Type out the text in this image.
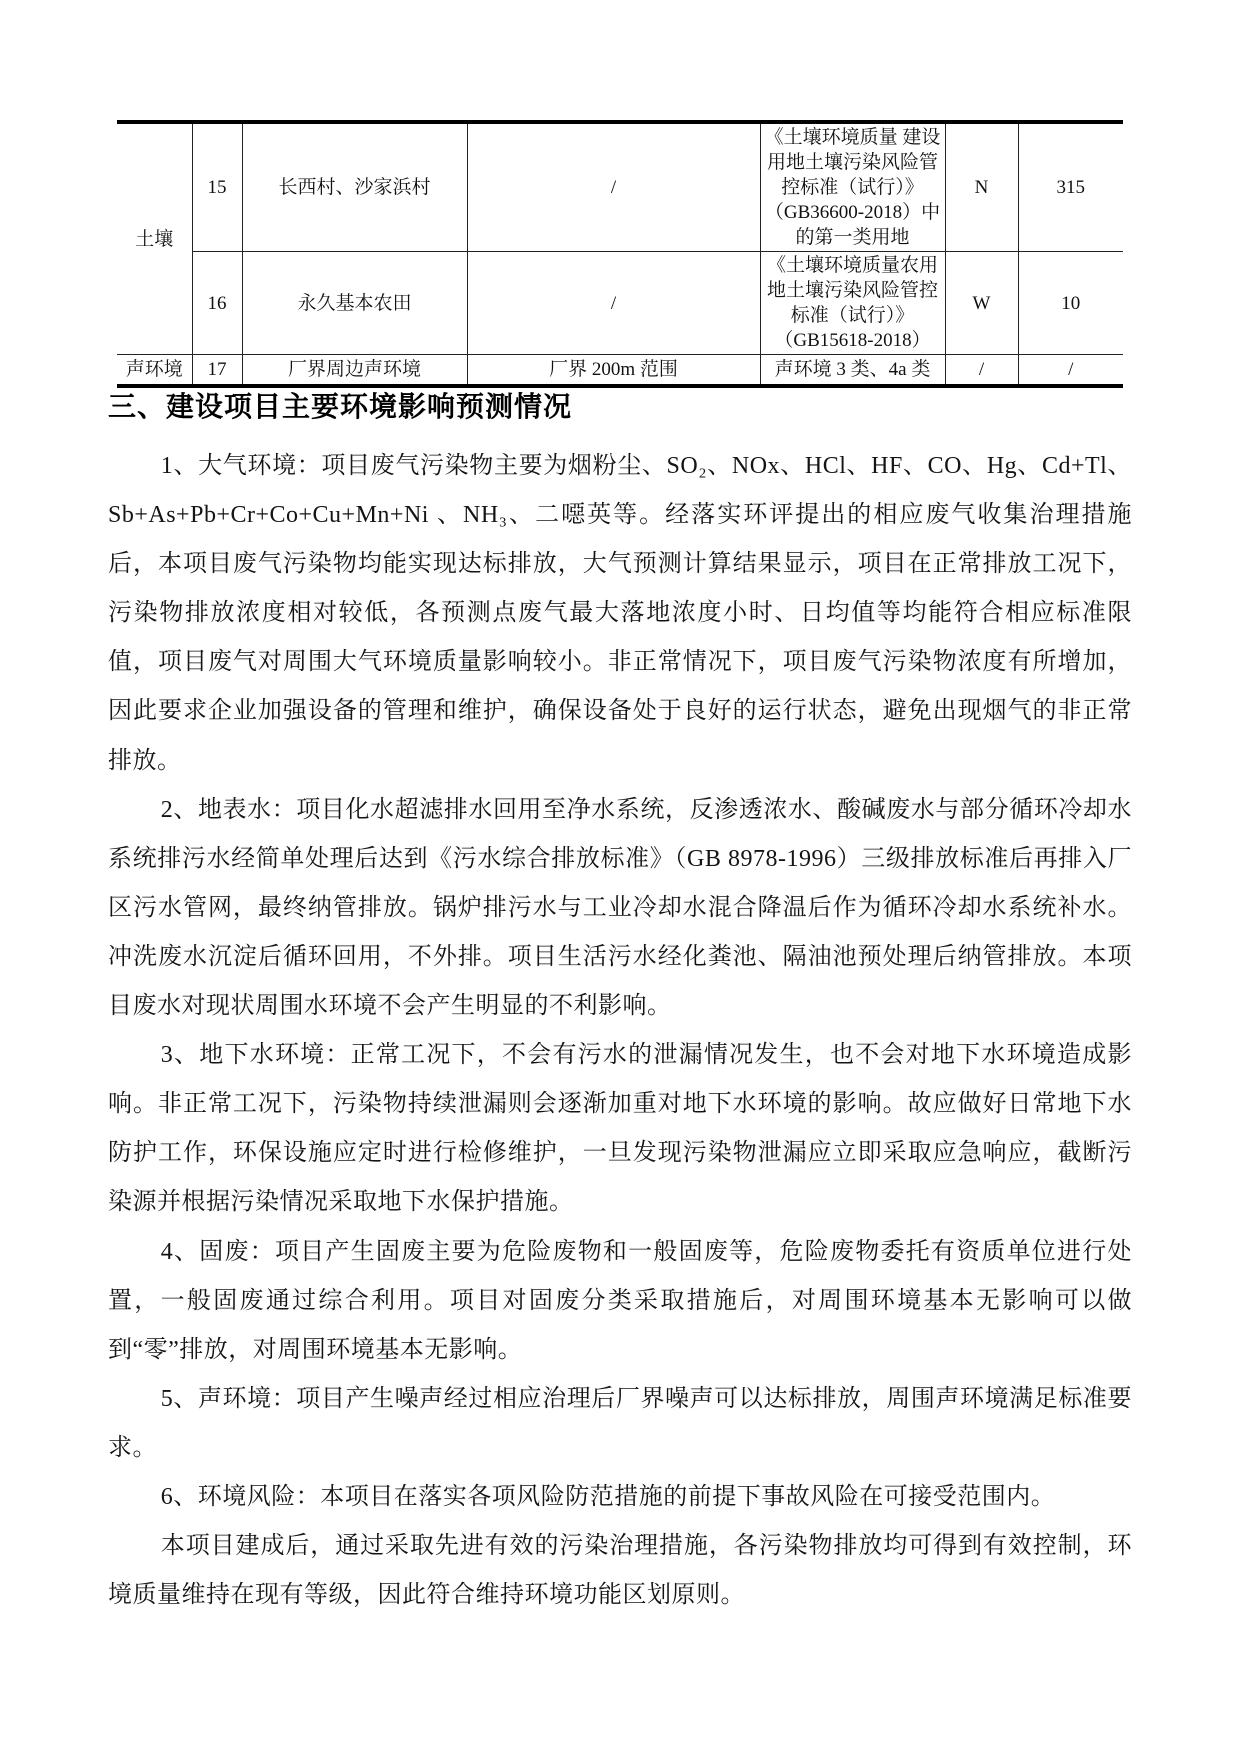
土壤	15	长西村、沙家浜村	/	《土壤环境质量 建设用地土壤污染风险管控标准（试行）》（GB36600-2018）中的第一类用地	N	315
	16	永久基本农田	/	《土壤环境质量农用地土壤污染风险管控标准（试行）》（GB15618-2018）	W	10
声环境	17	厂界周边声环境	厂界 200m 范围	声环境 3 类、4a 类	/	/
三、建设项目主要环境影响预测情况

1、大气环境：项目废气污染物主要为烟粉尘、SO₂、NOx、HCl、HF、CO、Hg、Cd+Tl、Sb+As+Pb+Cr+Co+Cu+Mn+Ni 、NH₃、二噁英等。经落实环评提出的相应废气收集治理措施后，本项目废气污染物均能实现达标排放，大气预测计算结果显示，项目在正常排放工况下，污染物排放浓度相对较低，各预测点废气最大落地浓度小时、日均值等均能符合相应标准限值，项目废气对周围大气环境质量影响较小。非正常情况下，项目废气污染物浓度有所增加，因此要求企业加强设备的管理和维护，确保设备处于良好的运行状态，避免出现烟气的非正常排放。

2、地表水：项目化水超滤排水回用至净水系统，反渗透浓水、酸碱废水与部分循环冷却水系统排污水经简单处理后达到《污水综合排放标准》（GB 8978-1996）三级排放标准后再排入厂区污水管网，最终纳管排放。锅炉排污水与工业冷却水混合降温后作为循环冷却水系统补水。冲洗废水沉淀后循环回用，不外排。项目生活污水经化粪池、隔油池预处理后纳管排放。本项目废水对现状周围水环境不会产生明显的不利影响。

3、地下水环境：正常工况下，不会有污水的泄漏情况发生，也不会对地下水环境造成影响。非正常工况下，污染物持续泄漏则会逐渐加重对地下水环境的影响。故应做好日常地下水防护工作，环保设施应定时进行检修维护，一旦发现污染物泄漏应立即采取应急响应，截断污染源并根据污染情况采取地下水保护措施。

4、固废：项目产生固废主要为危险废物和一般固废等，危险废物委托有资质单位进行处置，一般固废通过综合利用。项目对固废分类采取措施后，对周围环境基本无影响可以做到“零”排放，对周围环境基本无影响。

5、声环境：项目产生噪声经过相应治理后厂界噪声可以达标排放，周围声环境满足标准要求。

6、环境风险：本项目在落实各项风险防范措施的前提下事故风险在可接受范围内。

本项目建成后，通过采取先进有效的污染治理措施，各污染物排放均可得到有效控制，环境质量维持在现有等级，因此符合维持环境功能区划原则。
